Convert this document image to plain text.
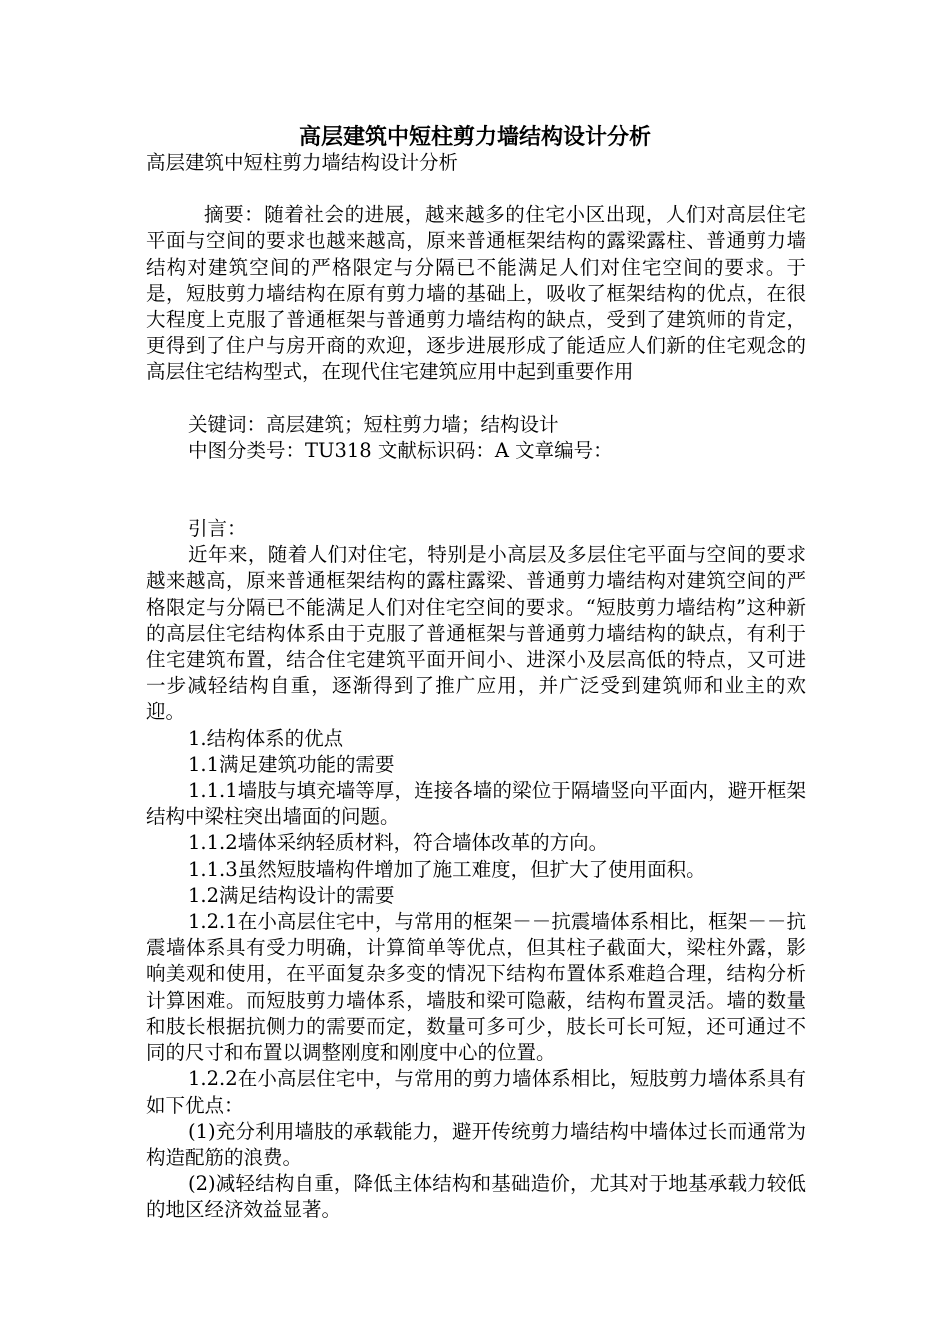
高层建筑中短柱剪力墙结构设计分析

高层建筑中短柱剪力墙结构设计分析

摘要：随着社会的进展，越来越多的住宅小区出现，人们对高层住宅平面与空间的要求也越来越高，原来普通框架结构的露梁露柱、普通剪力墙结构对建筑空间的严格限定与分隔已不能满足人们对住宅空间的要求。于是，短肢剪力墙结构在原有剪力墙的基础上，吸收了框架结构的优点，在很大程度上克服了普通框架与普通剪力墙结构的缺点，受到了建筑师的肯定，更得到了住户与房开商的欢迎，逐步进展形成了能适应人们新的住宅观念的高层住宅结构型式，在现代住宅建筑应用中起到重要作用

关键词：高层建筑；短柱剪力墙；结构设计

中图分类号：TU318 文献标识码：A 文章编号：

引言：

近年来，随着人们对住宅，特别是小高层及多层住宅平面与空间的要求越来越高，原来普通框架结构的露柱露梁、普通剪力墙结构对建筑空间的严格限定与分隔已不能满足人们对住宅空间的要求。“短肢剪力墙结构”这种新的高层住宅结构体系由于克服了普通框架与普通剪力墙结构的缺点，有利于住宅建筑布置，结合住宅建筑平面开间小、进深小及层高低的特点，又可进一步减轻结构自重，逐渐得到了推广应用，并广泛受到建筑师和业主的欢迎。

1.结构体系的优点

1.1满足建筑功能的需要

1.1.1墙肢与填充墙等厚，连接各墙的梁位于隔墙竖向平面内，避开框架结构中梁柱突出墙面的问题。

1.1.2墙体采纳轻质材料，符合墙体改革的方向。

1.1.3虽然短肢墙构件增加了施工难度，但扩大了使用面积。

1.2满足结构设计的需要

1.2.1在小高层住宅中，与常用的框架－－抗震墙体系相比，框架－－抗震墙体系具有受力明确，计算简单等优点，但其柱子截面大，梁柱外露，影响美观和使用，在平面复杂多变的情况下结构布置体系难趋合理，结构分析计算困难。而短肢剪力墙体系，墙肢和梁可隐蔽，结构布置灵活。墙的数量和肢长根据抗侧力的需要而定，数量可多可少，肢长可长可短，还可通过不同的尺寸和布置以调整刚度和刚度中心的位置。

1.2.2在小高层住宅中，与常用的剪力墙体系相比，短肢剪力墙体系具有如下优点：

(1)充分利用墙肢的承载能力，避开传统剪力墙结构中墙体过长而通常为构造配筋的浪费。

(2)减轻结构自重，降低主体结构和基础造价，尤其对于地基承载力较低的地区经济效益显著。
